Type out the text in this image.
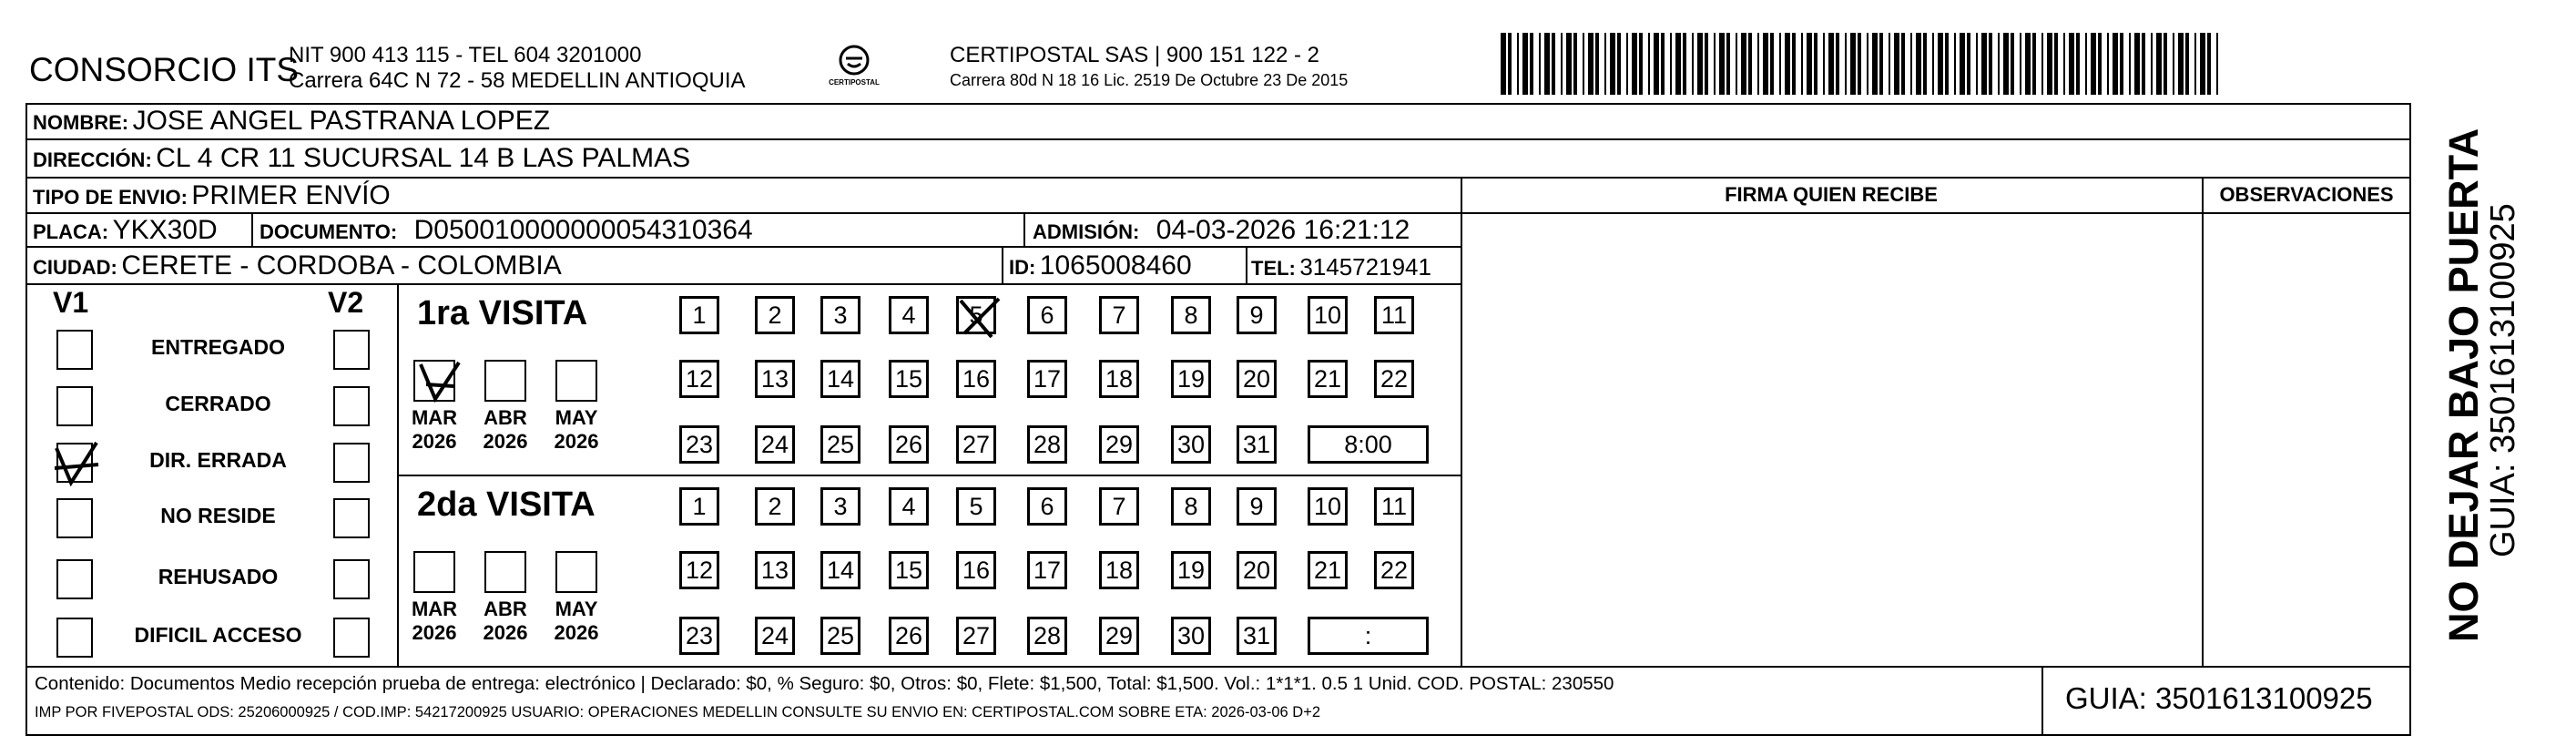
CONSORCIO ITS
NIT 900 413 115 - TEL 604 3201000
Carrera 64C N 72 - 58 MEDELLIN ANTIOQUIA	CERTIPOSTAL
CERTIPOSTAL SAS | 900 151 122 - 2
Carrera 80d N 18 16 Lic. 2519 De Octubre 23 De 2015
NOMBRE: JOSE ANGEL PASTRANA LOPEZ
DIRECCIÓN: CL 4 CR 11 SUCURSAL 14 B LAS PALMAS
TIPO DE ENVIO: PRIMER ENVÍO
PLACA: YKX30D DOCUMENTO: D050010000000054310364	ADMISIÓN: 04-03-2026 16:21:12
CIUDAD: CERETE - CORDOBA - COLOMBIA	ID: 1065008460	TEL: 3145721941
FIRMA QUIEN RECIBE	OBSERVACIONES
V1	V2
ENTREGADO
CERRADO
DIR. ERRADA
NO RESIDE
REHUSADO
DIFICIL ACCESO
1ra VISITA
MAR
2026
ABR
2026
MAY
2026
1	2	3	4	5	6	7	8	9	10 11
12 13 14 15 16 17 18 19 20 21 22
23 24 25 26 27 28 29 30 31	8:00
2da VISITA
MAR
2026
ABR
2026
MAY
2026
1	2	3	4	5	6	7	8	9	10 11
12 13 14 15 16 17 18 19 20 21 22
23 24 25 26 27 28 29 30 31	:
Contenido: Documentos Medio recepción prueba de entrega: electrónico | Declarado: $0, % Seguro: $0, Otros: $0, Flete: $1,500, Total: $1,500. Vol.: 1*1*1. 0.5 1 Unid. COD. POSTAL: 230550
IMP POR FIVEPOSTAL ODS: 25206000925 / COD.IMP: 54217200925 USUARIO: OPERACIONES MEDELLIN CONSULTE SU ENVIO EN: CERTIPOSTAL.COM SOBRE ETA: 2026-03-06 D+2	GUIA: 3501613100925
NO DEJAR BAJO PUERTA
GUIA: 3501613100925
